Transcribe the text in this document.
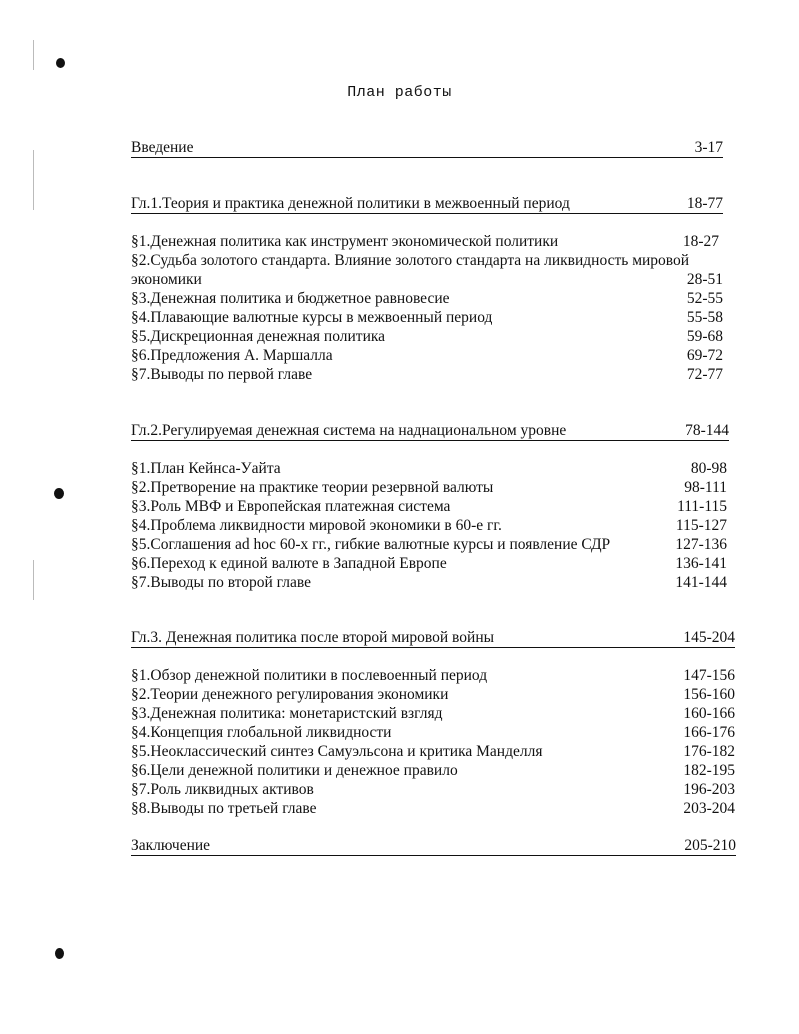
План работы
Введение	3-17
Гл.1.Теория и практика денежной политики в межвоенный период	18-77
§1.Денежная политика как инструмент экономической политики	18-27
§2.Судьба золотого стандарта. Влияние золотого стандарта на ликвидность мировой
экономики	28-51
§3.Денежная политика и бюджетное равновесие	52-55
§4.Плавающие валютные курсы в межвоенный период	55-58
§5.Дискреционная денежная политика	59-68
§6.Предложения А. Маршалла	69-72
§7.Выводы по первой главе	72-77
Гл.2.Регулируемая денежная система на наднациональном уровне	78-144
§1.План Кейнса-Уайта	80-98
§2.Претворение на практике теории резервной валюты	98-111
§3.Роль МВФ и Европейская платежная система	111-115
§4.Проблема ликвидности мировой экономики в 60-е гг.	115-127
§5.Соглашения ad hoc 60-х гг., гибкие валютные курсы и появление СДР	127-136
§6.Переход к единой валюте в Западной Европе	136-141
§7.Выводы по второй главе	141-144
Гл.3. Денежная политика после второй мировой войны	145-204
§1.Обзор денежной политики в послевоенный период	147-156
§2.Теории денежного регулирования экономики	156-160
§3.Денежная политика: монетаристский взгляд	160-166
§4.Концепция глобальной ликвидности	166-176
§5.Неоклассический синтез Самуэльсона и критика Манделля	176-182
§6.Цели денежной политики и денежное правило	182-195
§7.Роль ликвидных активов	196-203
§8.Выводы по третьей главе	203-204
Заключение	205-210
